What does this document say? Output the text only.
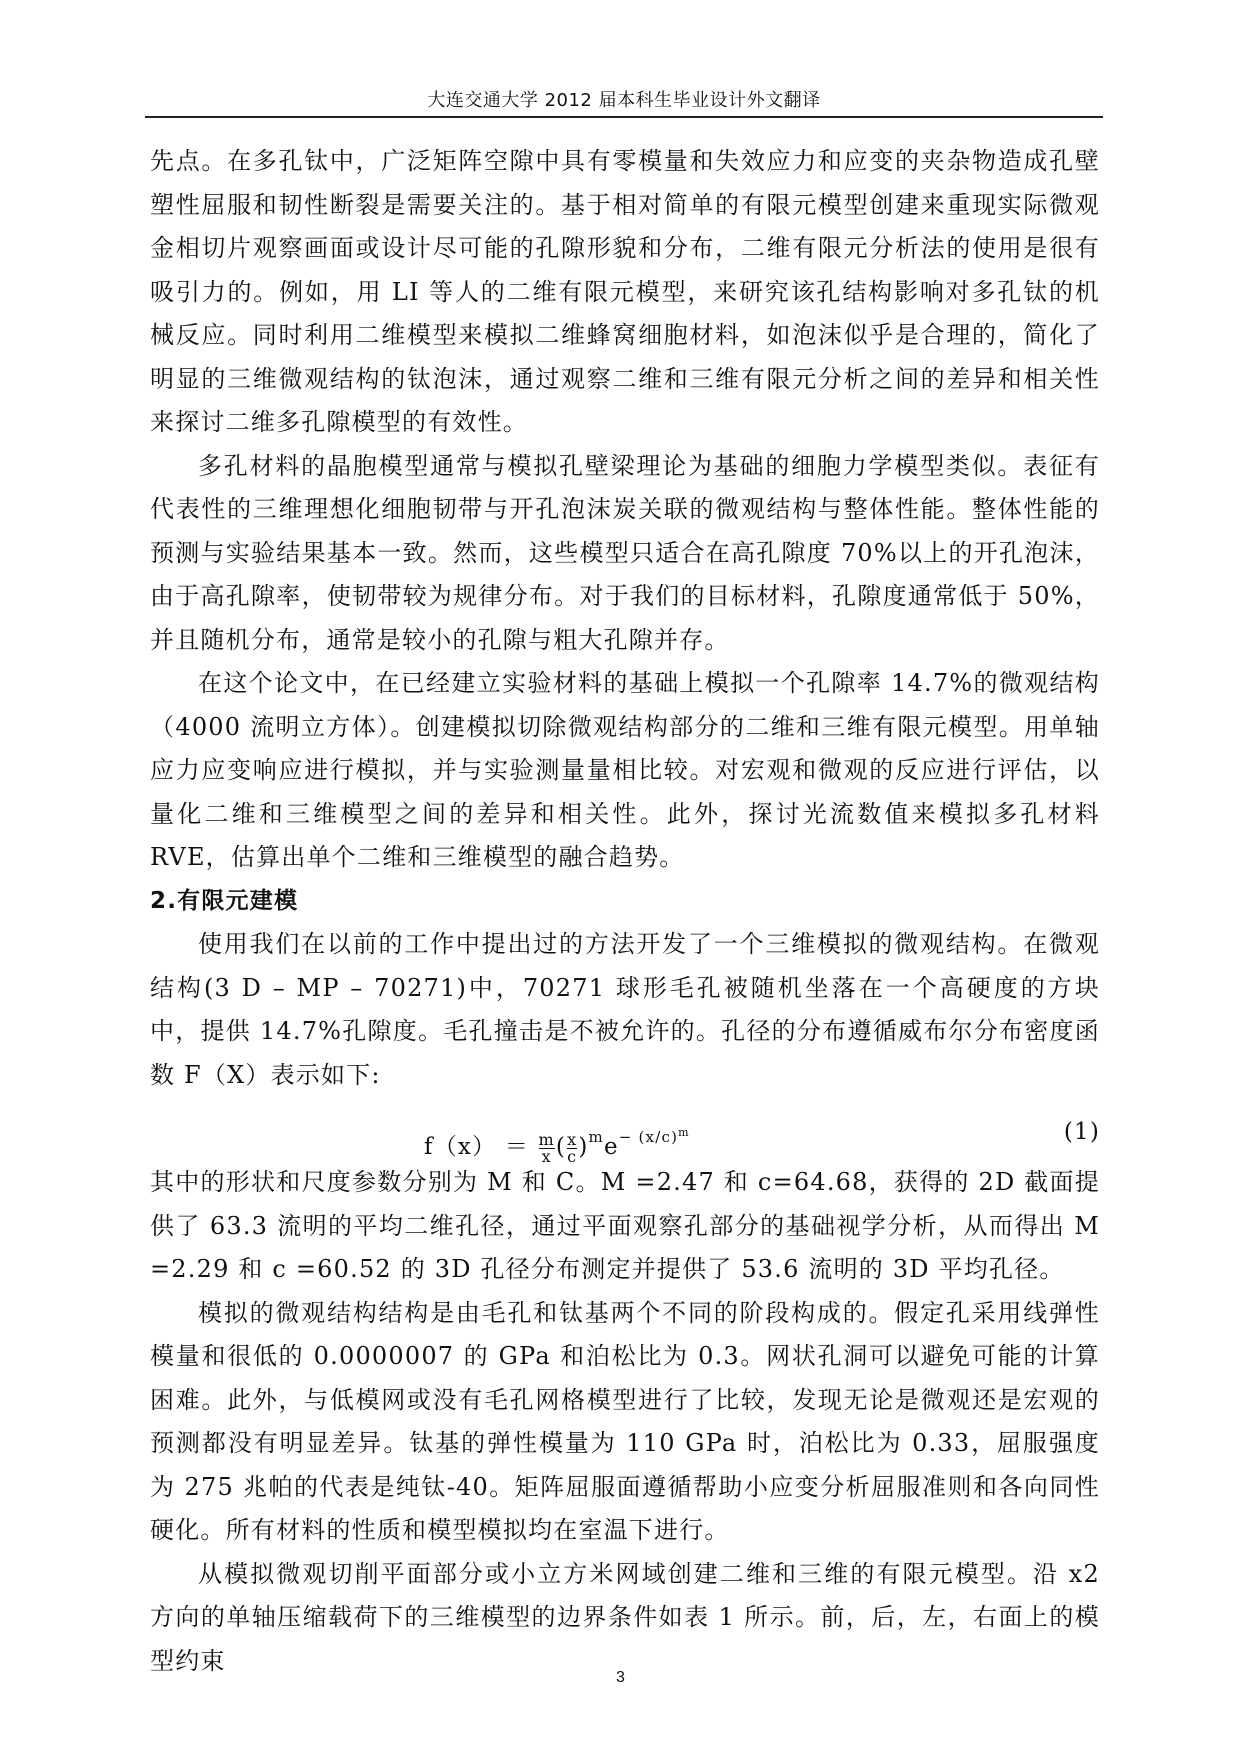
大连交通大学 2012 届本科生毕业设计外文翻译

先点。在多孔钛中，广泛矩阵空隙中具有零模量和失效应力和应变的夹杂物造成孔壁塑性屈服和韧性断裂是需要关注的。基于相对简单的有限元模型创建来重现实际微观金相切片观察画面或设计尽可能的孔隙形貌和分布，二维有限元分析法的使用是很有吸引力的。例如，用 LI 等人的二维有限元模型，来研究该孔结构影响对多孔钛的机械反应。同时利用二维模型来模拟二维蜂窝细胞材料，如泡沫似乎是合理的，简化了明显的三维微观结构的钛泡沫，通过观察二维和三维有限元分析之间的差异和相关性来探讨二维多孔隙模型的有效性。

多孔材料的晶胞模型通常与模拟孔壁梁理论为基础的细胞力学模型类似。表征有代表性的三维理想化细胞韧带与开孔泡沫炭关联的微观结构与整体性能。整体性能的预测与实验结果基本一致。然而，这些模型只适合在高孔隙度 70%以上的开孔泡沫，由于高孔隙率，使韧带较为规律分布。对于我们的目标材料，孔隙度通常低于 50%，并且随机分布，通常是较小的孔隙与粗大孔隙并存。

在这个论文中，在已经建立实验材料的基础上模拟一个孔隙率 14.7%的微观结构（4000 流明立方体）。创建模拟切除微观结构部分的二维和三维有限元模型。用单轴应力应变响应进行模拟，并与实验测量量相比较。对宏观和微观的反应进行评估，以量化二维和三维模型之间的差异和相关性。此外，探讨光流数值来模拟多孔材料 RVE，估算出单个二维和三维模型的融合趋势。

2.有限元建模

使用我们在以前的工作中提出过的方法开发了一个三维模拟的微观结构。在微观结构(3 D – MP – 70271)中，70271 球形毛孔被随机坐落在一个高硬度的方块中，提供 14.7%孔隙度。毛孔撞击是不被允许的。孔径的分布遵循威布尔分布密度函数 F（X）表示如下:

$f(x) = \frac{m}{x}$ ( $\frac{x}{c} )^me^{- (x/c)^m}$	(1)

其中的形状和尺度参数分别为 M 和 C。M =2.47 和 c=64.68，获得的 2D 截面提供了 63.3 流明的平均二维孔径，通过平面观察孔部分的基础视学分析，从而得出 M =2.29 和 c =60.52 的 3D 孔径分布测定并提供了 53.6 流明的 3D 平均孔径。

模拟的微观结构结构是由毛孔和钛基两个不同的阶段构成的。假定孔采用线弹性模量和很低的 0.0000007 的 GPa 和泊松比为 0.3。网状孔洞可以避免可能的计算困难。此外，与低模网或没有毛孔网格模型进行了比较，发现无论是微观还是宏观的预测都没有明显差异。钛基的弹性模量为 110 GPa 时，泊松比为 0.33，屈服强度为 275 兆帕的代表是纯钛-40。矩阵屈服面遵循帮助小应变分析屈服准则和各向同性硬化。所有材料的性质和模型模拟均在室温下进行。

从模拟微观切削平面部分或小立方米网域创建二维和三维的有限元模型。沿 x2 方向的单轴压缩载荷下的三维模型的边界条件如表 1 所示。前，后，左，右面上的模型约束

3
